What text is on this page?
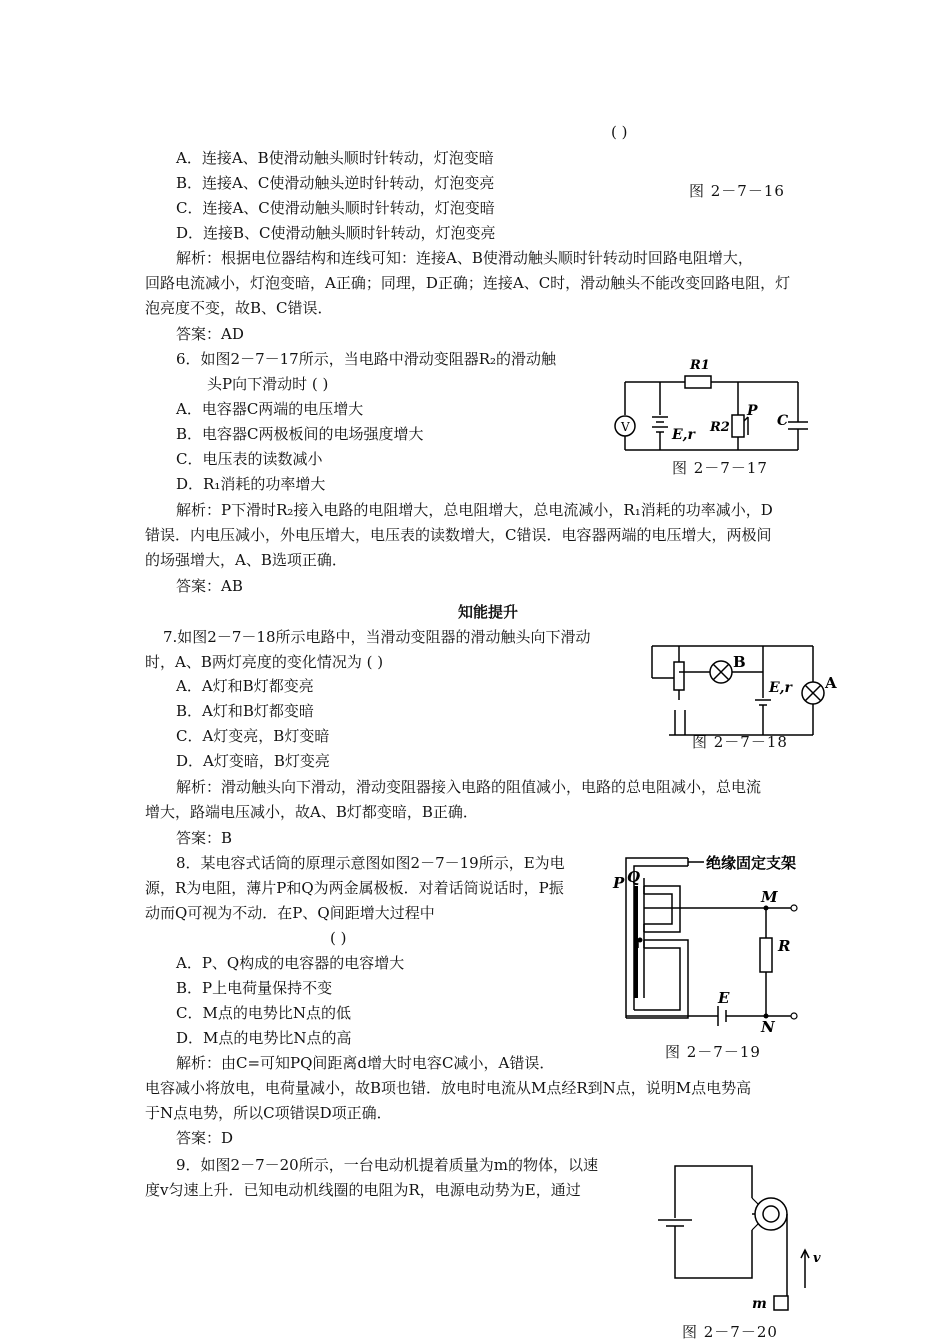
( )
A．连接A、B使滑动触头顺时针转动，灯泡变暗
B．连接A、C使滑动触头逆时针转动，灯泡变亮	图 2－7－16
C．连接A、C使滑动触头顺时针转动，灯泡变暗
D．连接B、C使滑动触头顺时针转动，灯泡变亮
解析：根据电位器结构和连线可知：连接A、B使滑动触头顺时针转动时回路电阻增大，
回路电流减小，灯泡变暗，A正确；同理，D正确；连接A、C时，滑动触头不能改变回路电阻，灯
泡亮度不变，故B、C错误．
答案：AD
6．如图2－7－17所示，当电路中滑动变阻器R₂的滑动触
头P向下滑动时 ( )
A．电容器C两端的电压增大
B．电容器C两极板间的电场强度增大
C．电压表的读数减小
D．R₁消耗的功率增大
V
R1
E,r R2
P
C
图 2－7－17
解析：P下滑时R₂接入电路的电阻增大，总电阻增大，总电流减小，R₁消耗的功率减小，D
错误．内电压减小，外电压增大，电压表的读数增大，C错误．电容器两端的电压增大，两极间
的场强增大，A、B选项正确．
答案：AB
知能提升
7.如图2－7－18所示电路中，当滑动变阻器的滑动触头向下滑动
时，A、B两灯亮度的变化情况为 ( )
A．A灯和B灯都变亮
B．A灯和B灯都变暗
C．A灯变亮，B灯变暗
D．A灯变暗，B灯变亮
B
E,r A
图 2－7－18
解析：滑动触头向下滑动，滑动变阻器接入电路的阻值减小，电路的总电阻减小，总电流
增大，路端电压减小，故A、B灯都变暗，B正确．
答案：B
8．某电容式话筒的原理示意图如图2－7－19所示，E为电
源，R为电阻，薄片P和Q为两金属极板．对着话筒说话时，P振
动而Q可视为不动．在P、Q间距增大过程中
( )
A．P、Q构成的电容器的电容增大
B．P上电荷量保持不变
C．M点的电势比N点的低
D．M点的电势比N点的高
绝缘固定支架
P Q
M
R
E
N
图 2－7－19
解析：由C=可知PQ间距离d增大时电容C减小，A错误．
电容减小将放电，电荷量减小，故B项也错．放电时电流从M点经R到N点，说明M点电势高
于N点电势，所以C项错误D项正确．
答案：D
9．如图2－7－20所示，一台电动机提着质量为m的物体，以速
度v匀速上升．已知电动机线圈的电阻为R，电源电动势为E，通过
v
m
图 2－7－20
